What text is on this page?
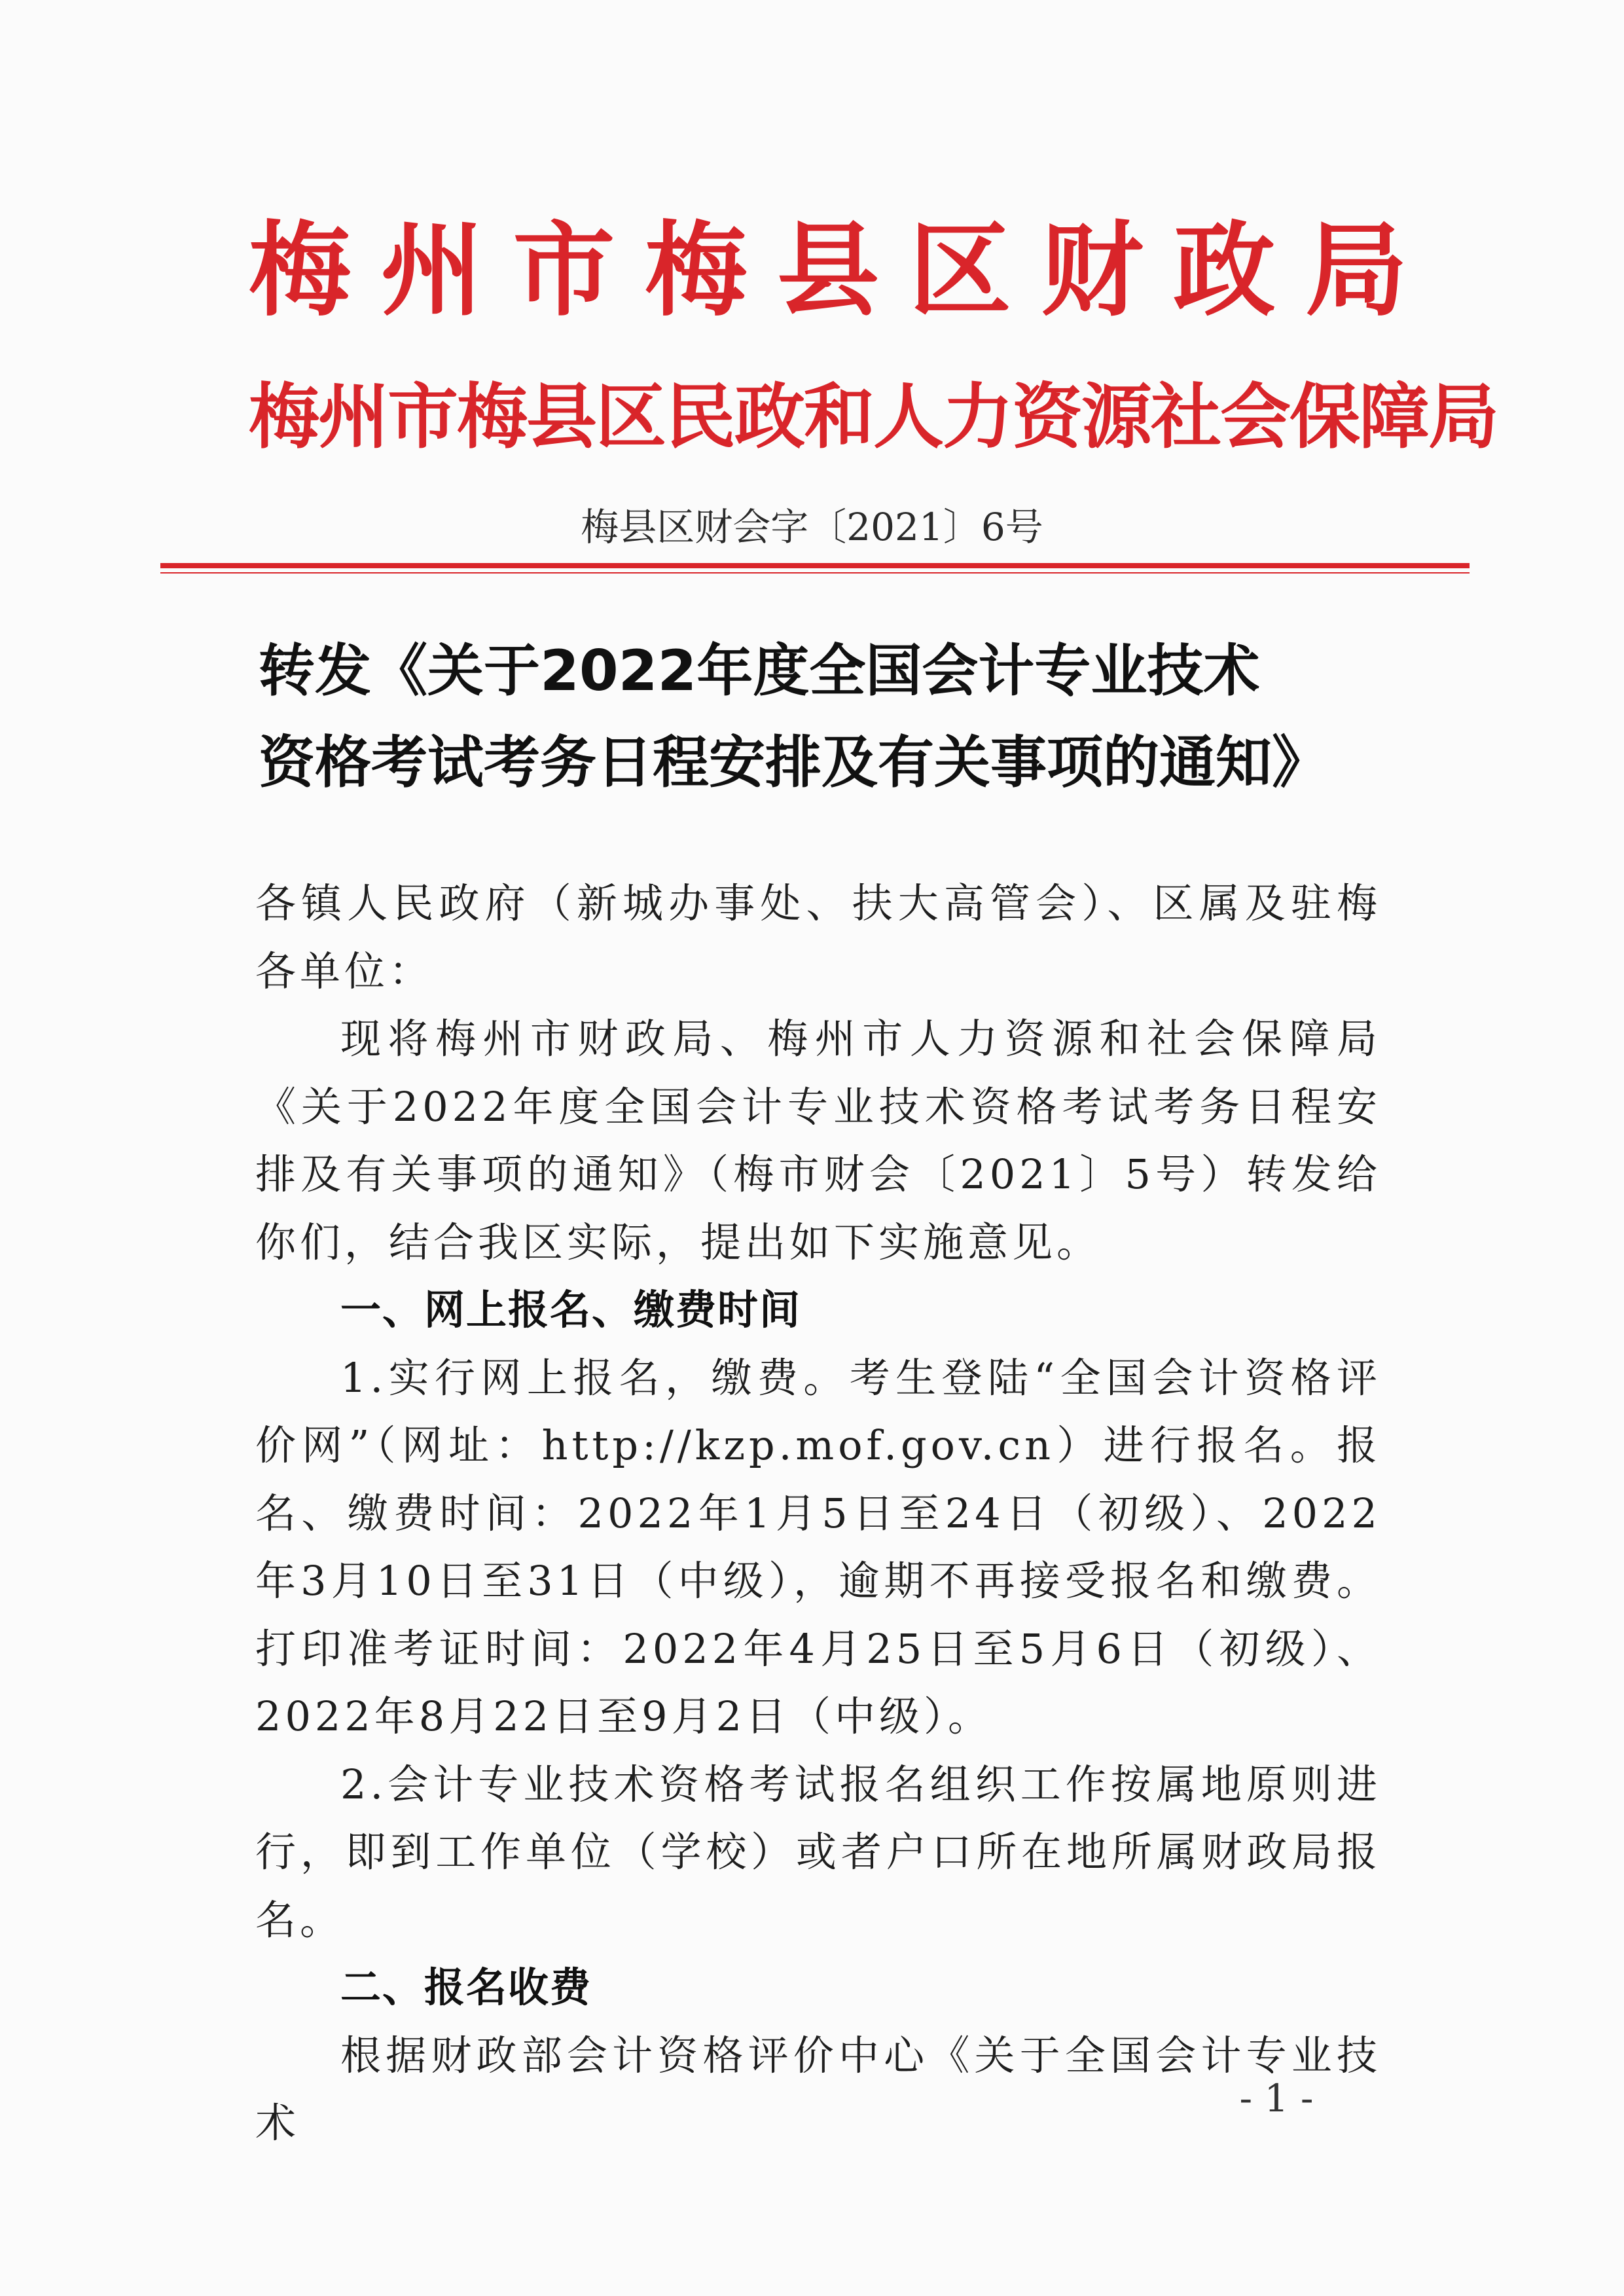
梅州市梅县区财政局
梅州市梅县区民政和人力资源社会保障局
梅县区财会字〔2021〕6号
转发《关于2022年度全国会计专业技术
资格考试考务日程安排及有关事项的通知》

各镇人民政府（新城办事处、扶大高管会）、区属及驻梅各单位：

现将梅州市财政局、梅州市人力资源和社会保障局《关于2022年度全国会计专业技术资格考试考务日程安排及有关事项的通知》（梅市财会〔2021〕5号）转发给你们，结合我区实际，提出如下实施意见。

一、网上报名、缴费时间

1.实行网上报名，缴费。考生登陆“全国会计资格评价网”（网址：http://kzp.mof.gov.cn）进行报名。报名、缴费时间：2022年1月5日至24日（初级）、2022年3月10日至31日（中级），逾期不再接受报名和缴费。打印准考证时间：2022年4月25日至5月6日（初级）、2022年8月22日至9月2日（中级）。

2.会计专业技术资格考试报名组织工作按属地原则进行，即到工作单位（学校）或者户口所在地所属财政局报名。

二、报名收费

根据财政部会计资格评价中心《关于全国会计专业技术

- 1 -
